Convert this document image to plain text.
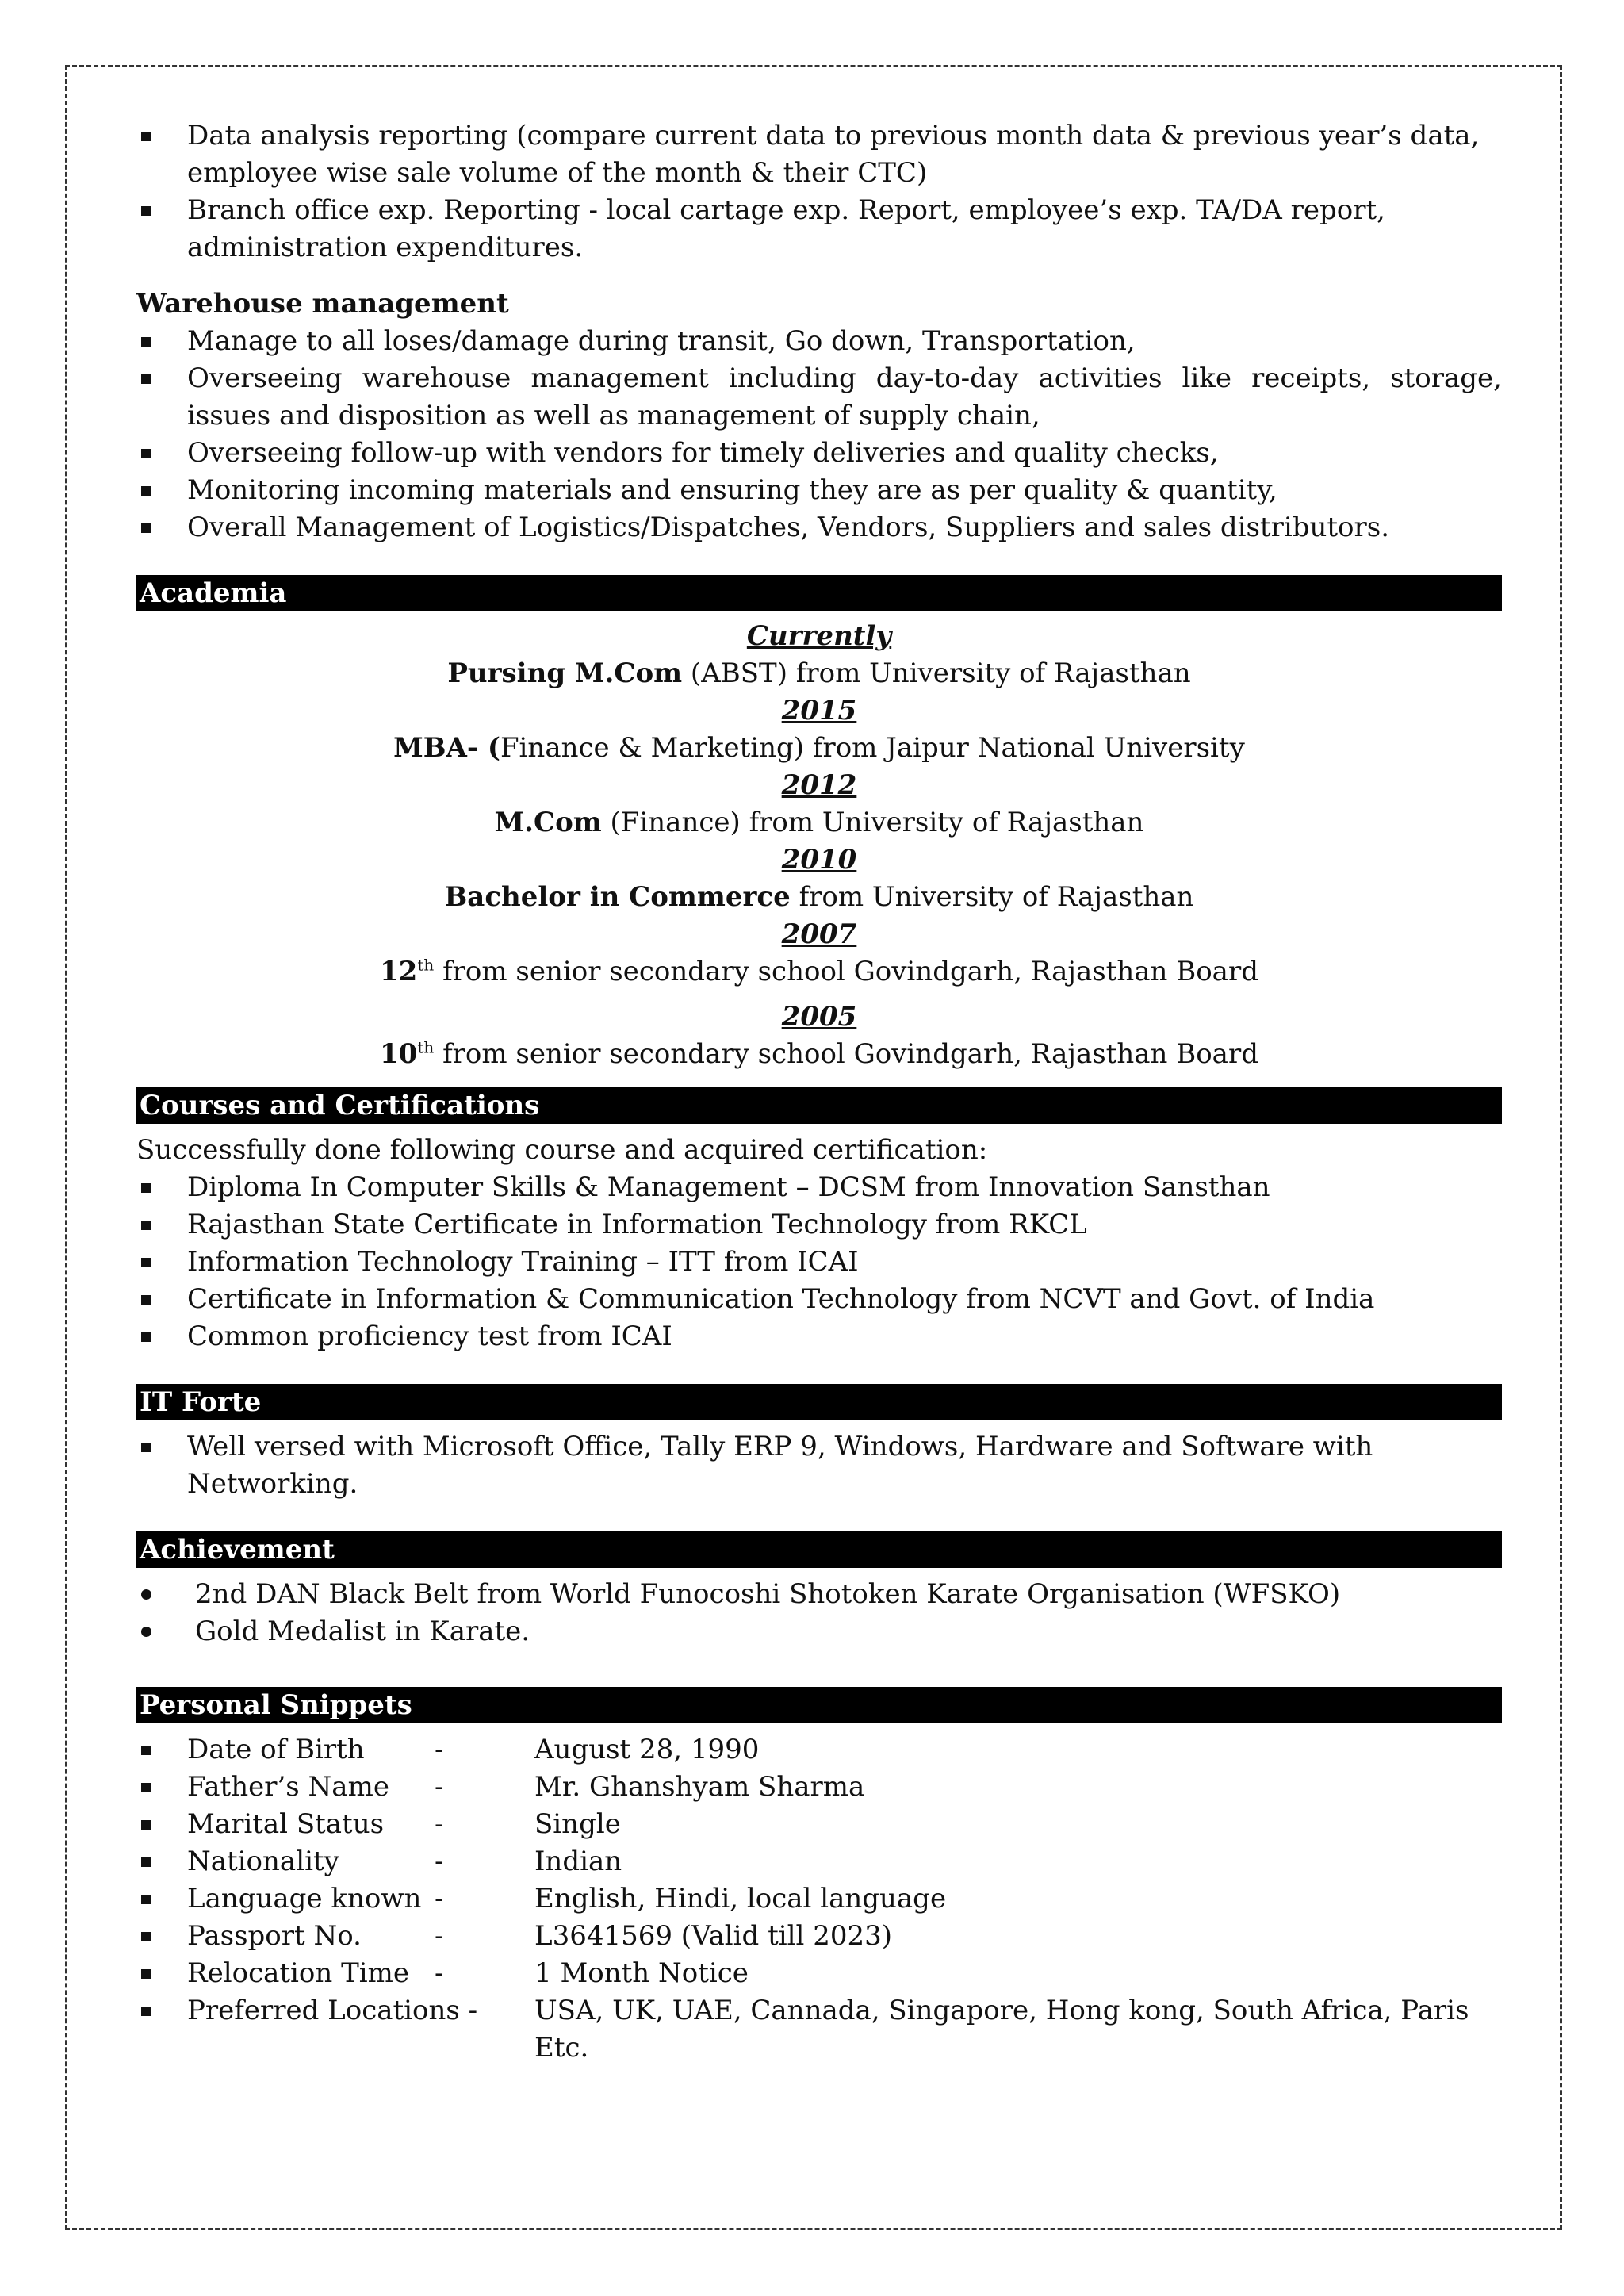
Data analysis reporting (compare current data to previous month data & previous year’s data, employee wise sale volume of the month & their CTC)
Branch office exp. Reporting - local cartage exp. Report, employee’s exp. TA/DA report, administration expenditures.
Warehouse management
Manage to all loses/damage during transit, Go down, Transportation,
Overseeing warehouse management including day-to-day activities like receipts, storage, issues and disposition as well as management of supply chain,
Overseeing follow-up with vendors for timely deliveries and quality checks,
Monitoring incoming materials and ensuring they are as per quality & quantity,
Overall Management of Logistics/Dispatches, Vendors, Suppliers and sales distributors.
Academia
Currently
Pursing M.Com (ABST) from University of Rajasthan
2015
MBA- (Finance & Marketing) from Jaipur National University
2012
M.Com (Finance) from University of Rajasthan
2010
Bachelor in Commerce from University of Rajasthan
2007
12th from senior secondary school Govindgarh, Rajasthan Board
2005
10th from senior secondary school Govindgarh, Rajasthan Board
Courses and Certifications
Successfully done following course and acquired certification:
Diploma In Computer Skills & Management – DCSM from Innovation Sansthan
Rajasthan State Certificate in Information Technology from RKCL
Information Technology Training – ITT from ICAI
Certificate in Information & Communication Technology from NCVT and Govt. of India
Common proficiency test from ICAI
IT Forte
Well versed with Microsoft Office, Tally ERP 9, Windows, Hardware and Software with Networking.
Achievement
2nd DAN Black Belt from World Funocoshi Shotoken Karate Organisation (WFSKO)
Gold Medalist in Karate.
Personal Snippets
Date of Birth	-	August 28, 1990
Father’s Name	-	Mr. Ghanshyam Sharma
Marital Status	-	Single
Nationality	-	Indian
Language known -	English, Hindi, local language
Passport No.	-	L3641569 (Valid till 2023)
Relocation Time -	1 Month Notice
Preferred Locations - USA, UK, UAE, Cannada, Singapore, Hong kong, South Africa, Paris Etc.
